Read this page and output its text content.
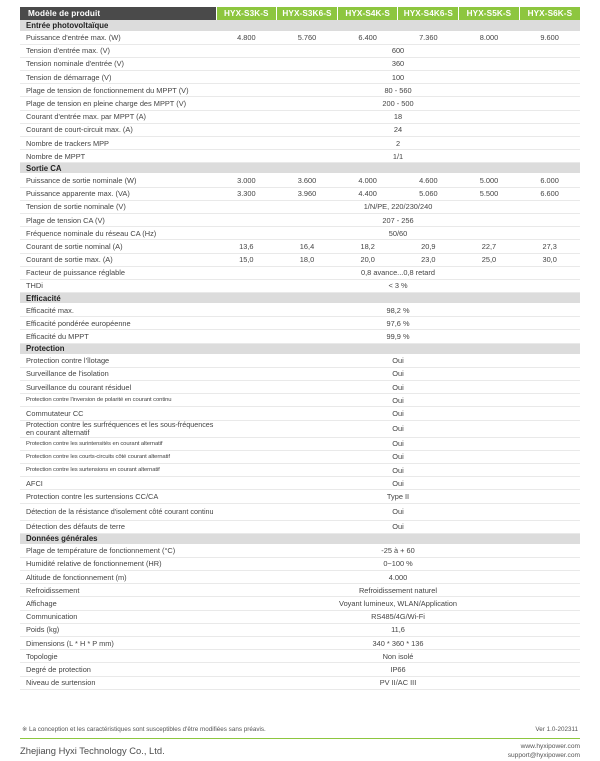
Modèle de produit	HYX-S3K-S	HYX-S3K6-S	HYX-S4K-S	HYX-S4K6-S	HYX-S5K-S	HYX-S6K-S
Entrée photovoltaïque						
Puissance d'entrée max. (W)	4.800	5.760	6.400	7.360	8.000	9.600
Tension d'entrée max. (V)	600					
Tension nominale d'entrée (V)	360					
Tension de démarrage (V)	100					
Plage de tension de fonctionnement du MPPT (V)	80 - 560					
Plage de tension en pleine charge des MPPT (V)	200 - 500					
Courant d'entrée max. par MPPT (A)	18					
Courant de court-circuit max. (A)	24					
Nombre de trackers MPP	2					
Nombre de MPPT	1/1					
Sortie CA						
Puissance de sortie nominale (W)	3.000	3.600	4.000	4.600	5.000	6.000
Puissance apparente max. (VA)	3.300	3.960	4.400	5.060	5.500	6.600
Tension de sortie nominale (V)	1/N/PE, 220/230/240					
Plage de tension CA (V)	207 - 256					
Fréquence nominale du réseau CA (Hz)	50/60					
Courant de sortie nominal (A)	13,6	16,4	18,2	20,9	22,7	27,3
Courant de sortie max. (A)	15,0	18,0	20,0	23,0	25,0	30,0
Facteur de puissance réglable	0,8 avance...0,8 retard					
THDi	< 3 %					
Efficacité						
Efficacité max.	98,2 %					
Efficacité pondérée européenne	97,6 %					
Efficacité du MPPT	99,9 %					
Protection						
Protection contre l'îlotage	Oui					
Surveillance de l'isolation	Oui					
Surveillance du courant résiduel	Oui					
Protection contre l'inversion de polarité en courant continu	Oui					
Commutateur CC	Oui					
Protection contre les surfréquences et les sous-fréquences en courant alternatif	Oui					
Protection contre les surintensités en courant alternatif	Oui					
Protection contre les courts-circuits côté courant alternatif	Oui					
Protection contre les surtensions en courant alternatif	Oui					
AFCI	Oui					
Protection contre les surtensions CC/CA	Type II					
Détection de la résistance d'isolement côté courant continu	Oui					
Détection des défauts de terre	Oui					
Données générales						
Plage de température de fonctionnement (°C)	-25 à + 60					
Humidité relative de fonctionnement (HR)	0~100 %					
Altitude de fonctionnement (m)	4.000					
Refroidissement	Refroidissement naturel					
Affichage	Voyant lumineux, WLAN/Application					
Communication	RS485/4G/Wi-Fi					
Poids (kg)	11,6					
Dimensions (L * H * P mm)	340 * 360 * 136					
Topologie	Non isolé					
Degré de protection	IP66					
Niveau de surtension	PV II/AC III					
※ La conception et les caractéristiques sont susceptibles d'être modifiées sans préavis.	Ver 1.0-202311
Zhejiang Hyxi Technology Co., Ltd.	www.hyxipower.com
support@hyxipower.com
